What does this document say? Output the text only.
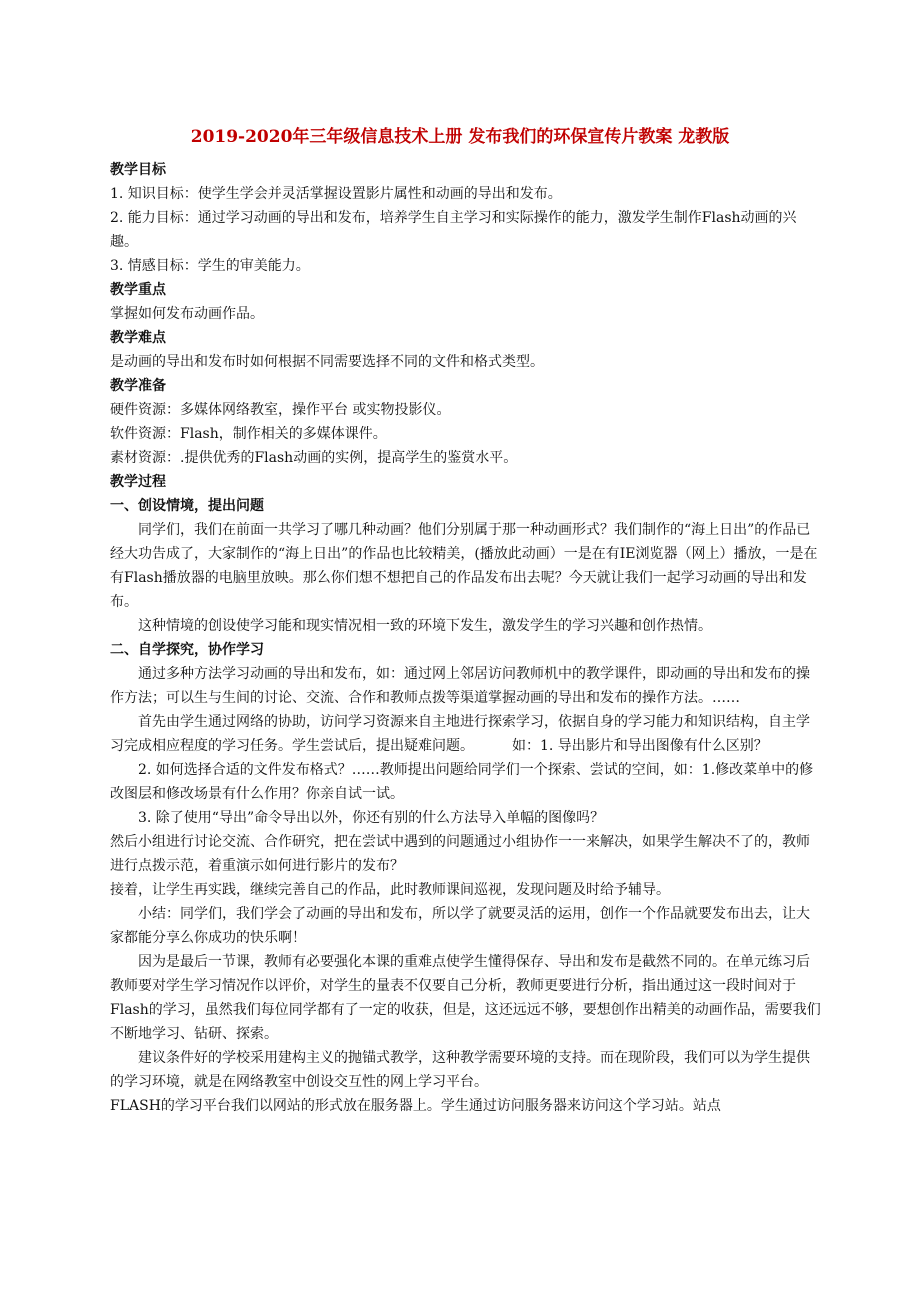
2019-2020年三年级信息技术上册 发布我们的环保宣传片教案 龙教版

教学目标

1. 知识目标：使学生学会并灵活掌握设置影片属性和动画的导出和发布。

2. 能力目标：通过学习动画的导出和发布，培养学生自主学习和实际操作的能力，激发学生制作Flash动画的兴趣。

3. 情感目标：学生的审美能力。

教学重点

掌握如何发布动画作品。

教学难点

是动画的导出和发布时如何根据不同需要选择不同的文件和格式类型。

教学准备

硬件资源：多媒体网络教室，操作平台 或实物投影仪。

软件资源：Flash，制作相关的多媒体课件。

素材资源：.提供优秀的Flash动画的实例，提高学生的鉴赏水平。

教学过程

一、创设情境，提出问题

同学们，我们在前面一共学习了哪几种动画？他们分别属于那一种动画形式？我们制作的“海上日出”的作品已经大功告成了，大家制作的“海上日出”的作品也比较精美，(播放此动画）一是在有IE浏览器（网上）播放，一是在有Flash播放器的电脑里放映。那么你们想不想把自己的作品发布出去呢？今天就让我们一起学习动画的导出和发布。

这种情境的创设使学习能和现实情况相一致的环境下发生，激发学生的学习兴趣和创作热情。

二、自学探究，协作学习

通过多种方法学习动画的导出和发布，如：通过网上邻居访问教师机中的教学课件，即动画的导出和发布的操作方法；可以生与生间的讨论、交流、合作和教师点拨等渠道掌握动画的导出和发布的操作方法。……

首先由学生通过网络的协助，访问学习资源来自主地进行探索学习，依据自身的学习能力和知识结构，自主学习完成相应程度的学习任务。学生尝试后，提出疑难问题。	如：1. 导出影片和导出图像有什么区别？

2. 如何选择合适的文件发布格式？……教师提出问题给同学们一个探索、尝试的空间，如：1.修改菜单中的修改图层和修改场景有什么作用？你亲自试一试。

3. 除了使用“导出”命令导出以外，你还有别的什么方法导入单幅的图像吗？

然后小组进行讨论交流、合作研究，把在尝试中遇到的问题通过小组协作一一来解决，如果学生解决不了的，教师进行点拨示范，着重演示如何进行影片的发布？

接着，让学生再实践，继续完善自己的作品，此时教师课间巡视，发现问题及时给予辅导。

小结：同学们，我们学会了动画的导出和发布，所以学了就要灵活的运用，创作一个作品就要发布出去，让大家都能分享么你成功的快乐啊！

因为是最后一节课，教师有必要强化本课的重难点使学生懂得保存、导出和发布是截然不同的。在单元练习后教师要对学生学习情况作以评价，对学生的量表不仅要自己分析，教师更要进行分析，指出通过这一段时间对于Flash的学习，虽然我们每位同学都有了一定的收获，但是，这还远远不够，要想创作出精美的动画作品，需要我们不断地学习、钻研、探索。

建议条件好的学校采用建构主义的抛锚式教学，这种教学需要环境的支持。而在现阶段，我们可以为学生提供的学习环境，就是在网络教室中创设交互性的网上学习平台。

FLASH的学习平台我们以网站的形式放在服务器上。学生通过访问服务器来访问这个学习站。站点
